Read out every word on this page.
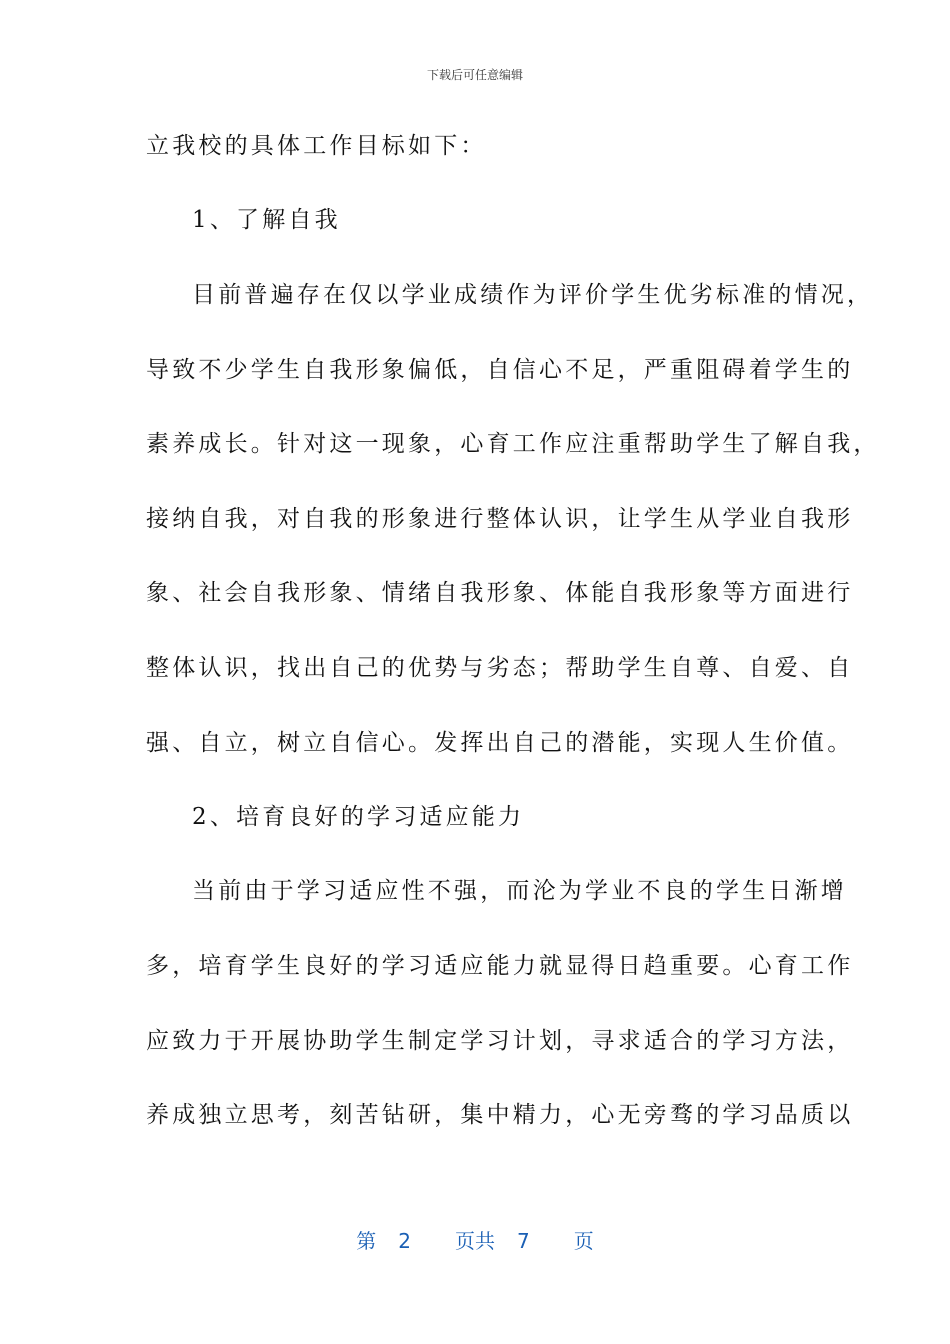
下载后可任意编辑
立我校的具体工作目标如下：
1、了解自我
目前普遍存在仅以学业成绩作为评价学生优劣标准的情况，
导致不少学生自我形象偏低，自信心不足，严重阻碍着学生的
素养成长。针对这一现象，心育工作应注重帮助学生了解自我，
接纳自我，对自我的形象进行整体认识，让学生从学业自我形
象、社会自我形象、情绪自我形象、体能自我形象等方面进行
整体认识，找出自己的优势与劣态；帮助学生自尊、自爱、自
强、自立，树立自信心。发挥出自己的潜能，实现人生价值。
2、培育良好的学习适应能力
当前由于学习适应性不强，而沦为学业不良的学生日渐增
多，培育学生良好的学习适应能力就显得日趋重要。心育工作
应致力于开展协助学生制定学习计划，寻求适合的学习方法，
养成独立思考，刻苦钻研，集中精力，心无旁骛的学习品质以
第 2 页共 7 页
